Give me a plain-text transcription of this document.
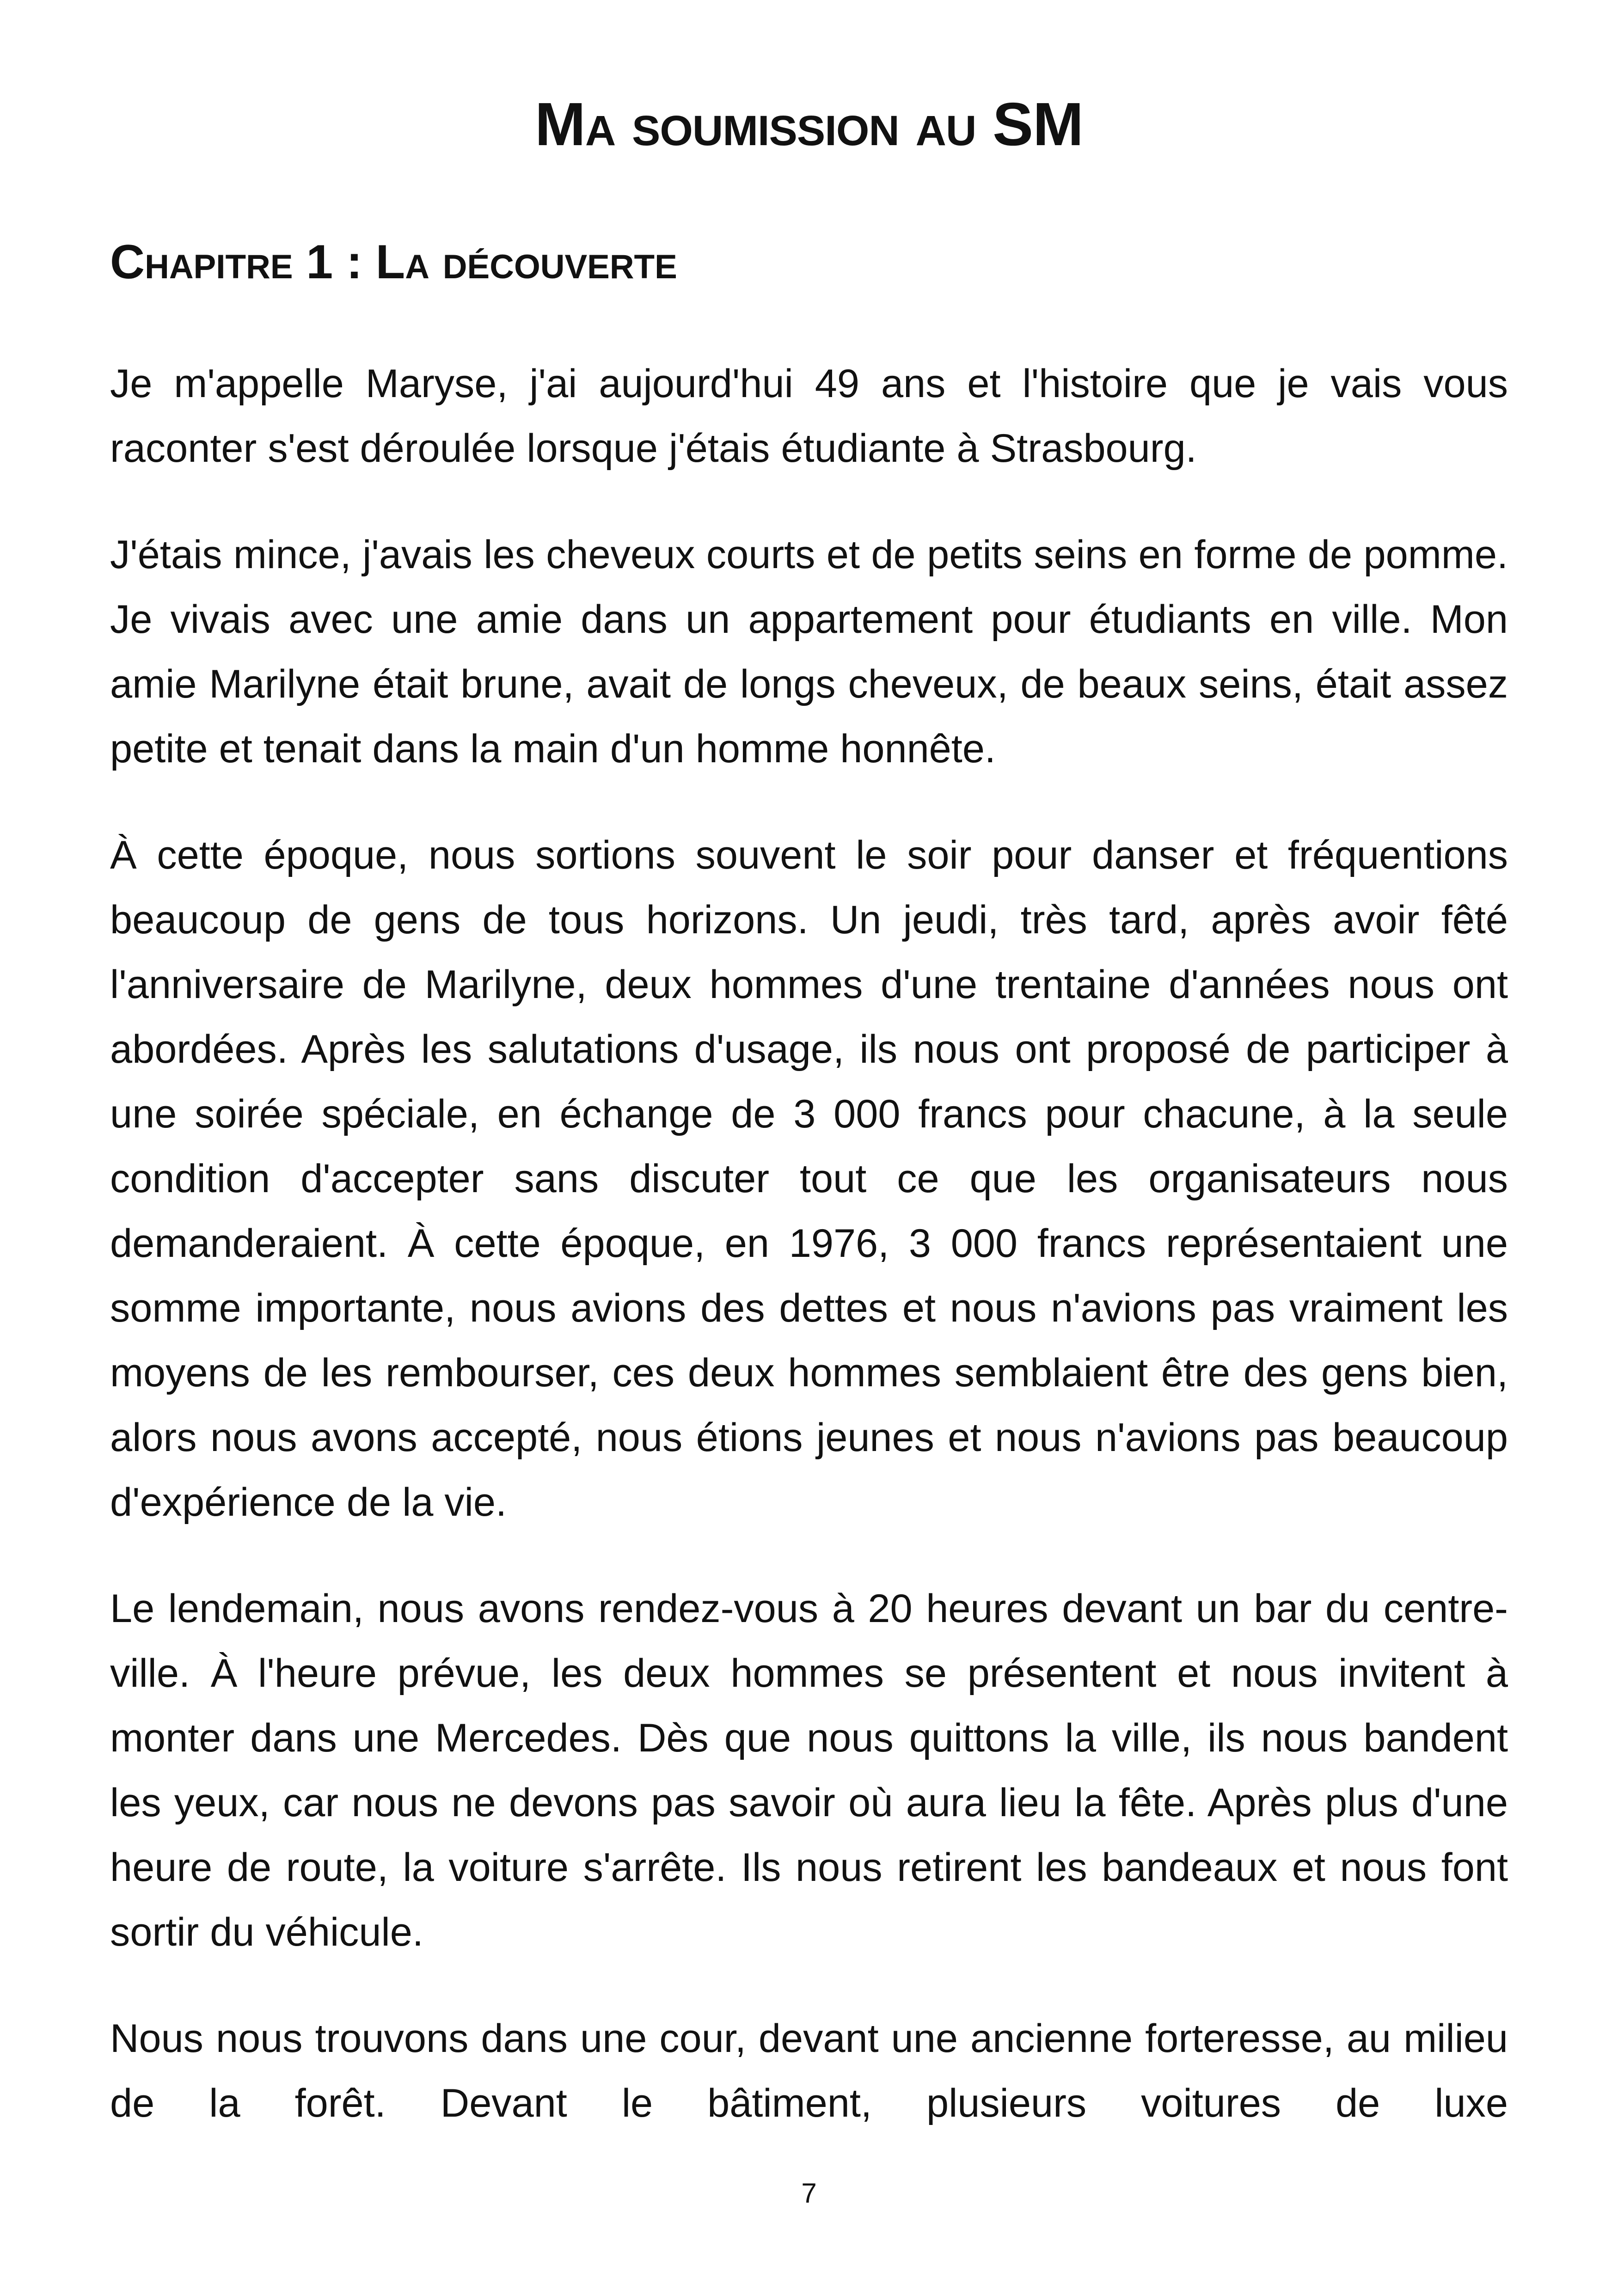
Ma soumission au SM
Chapitre 1 : La découverte

Je m'appelle Maryse, j'ai aujourd'hui 49 ans et l'histoire que je vais vous raconter s'est déroulée lorsque j'étais étudiante à Strasbourg.

J'étais mince, j'avais les cheveux courts et de petits seins en forme de pomme. Je vivais avec une amie dans un appartement pour étudiants en ville. Mon amie Marilyne était brune, avait de longs cheveux, de beaux seins, était assez petite et tenait dans la main d'un homme honnête.

À cette époque, nous sortions souvent le soir pour danser et fréquentions beaucoup de gens de tous horizons. Un jeudi, très tard, après avoir fêté l'anniversaire de Marilyne, deux hommes d'une trentaine d'années nous ont abordées. Après les salutations d'usage, ils nous ont proposé de participer à une soirée spéciale, en échange de 3 000 francs pour chacune, à la seule condition d'accepter sans discuter tout ce que les organisateurs nous demanderaient. À cette époque, en 1976, 3 000 francs représentaient une somme importante, nous avions des dettes et nous n'avions pas vraiment les moyens de les rembourser, ces deux hommes semblaient être des gens bien, alors nous avons accepté, nous étions jeunes et nous n'avions pas beaucoup d'expérience de la vie.

Le lendemain, nous avons rendez-vous à 20 heures devant un bar du centre-ville. À l'heure prévue, les deux hommes se présentent et nous invitent à monter dans une Mercedes. Dès que nous quittons la ville, ils nous bandent les yeux, car nous ne devons pas savoir où aura lieu la fête. Après plus d'une heure de route, la voiture s'arrête. Ils nous retirent les bandeaux et nous font sortir du véhicule.

Nous nous trouvons dans une cour, devant une ancienne forteresse, au milieu de la forêt. Devant le bâtiment, plusieurs voitures de luxe

7
